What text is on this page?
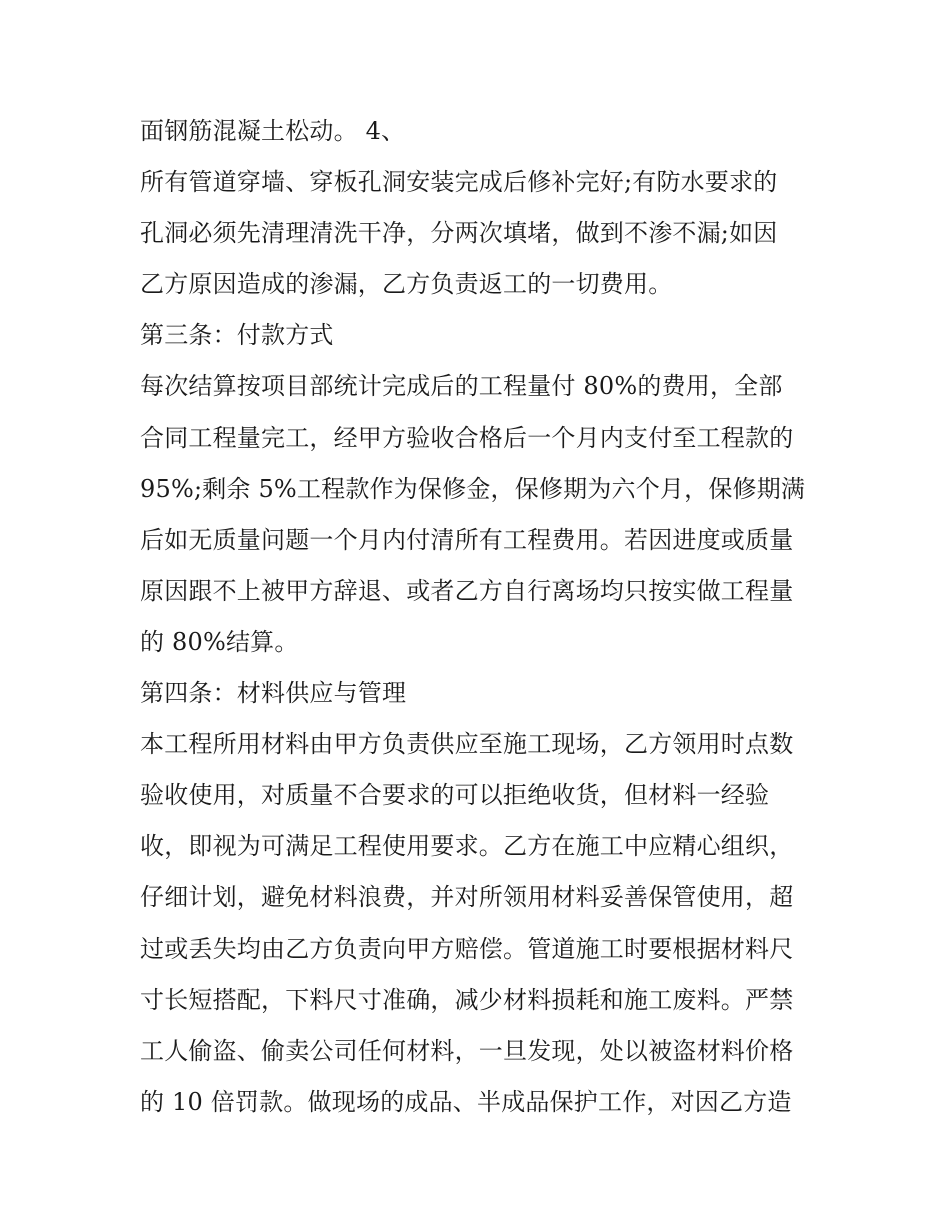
面钢筋混凝土松动。 4、
所有管道穿墙、穿板孔洞安装完成后修补完好;有防水要求的
孔洞必须先清理清洗干净，分两次填堵，做到不渗不漏;如因
乙方原因造成的渗漏，乙方负责返工的一切费用。
第三条：付款方式
每次结算按项目部统计完成后的工程量付 80%的费用，全部
合同工程量完工，经甲方验收合格后一个月内支付至工程款的
95%;剩余 5%工程款作为保修金，保修期为六个月，保修期满
后如无质量问题一个月内付清所有工程费用。若因进度或质量
原因跟不上被甲方辞退、或者乙方自行离场均只按实做工程量
的 80%结算。
第四条：材料供应与管理
本工程所用材料由甲方负责供应至施工现场，乙方领用时点数
验收使用，对质量不合要求的可以拒绝收货，但材料一经验
收，即视为可满足工程使用要求。乙方在施工中应精心组织，
仔细计划，避免材料浪费，并对所领用材料妥善保管使用，超
过或丢失均由乙方负责向甲方赔偿。管道施工时要根据材料尺
寸长短搭配，下料尺寸准确，减少材料损耗和施工废料。严禁
工人偷盗、偷卖公司任何材料，一旦发现，处以被盗材料价格
的 10 倍罚款。做现场的成品、半成品保护工作，对因乙方造
